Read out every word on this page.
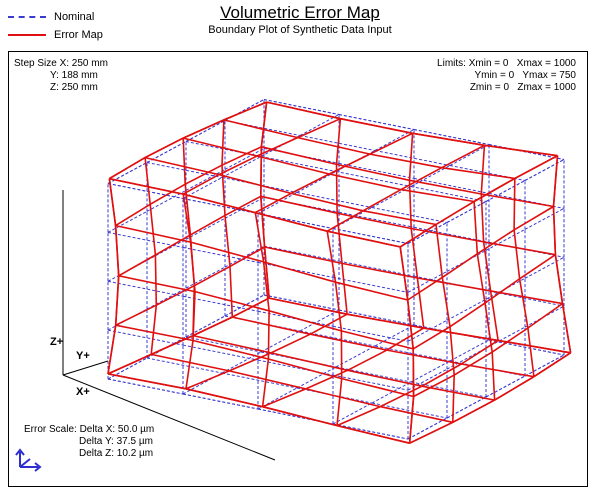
Nominal
Error Map
Volumetric Error Map
Boundary Plot of Synthetic Data Input
Step Size X: 250 mm
Y: 188 mm
Z: 250 mm
Limits: Xmin = 0   Xmax = 1000
Ymin = 0   Ymax = 750
Zmin = 0   Zmax = 1000
Z+
Y+
X+
Error Scale: Delta X: 50.0 µm
Delta Y: 37.5 µm
Delta Z: 10.2 µm
